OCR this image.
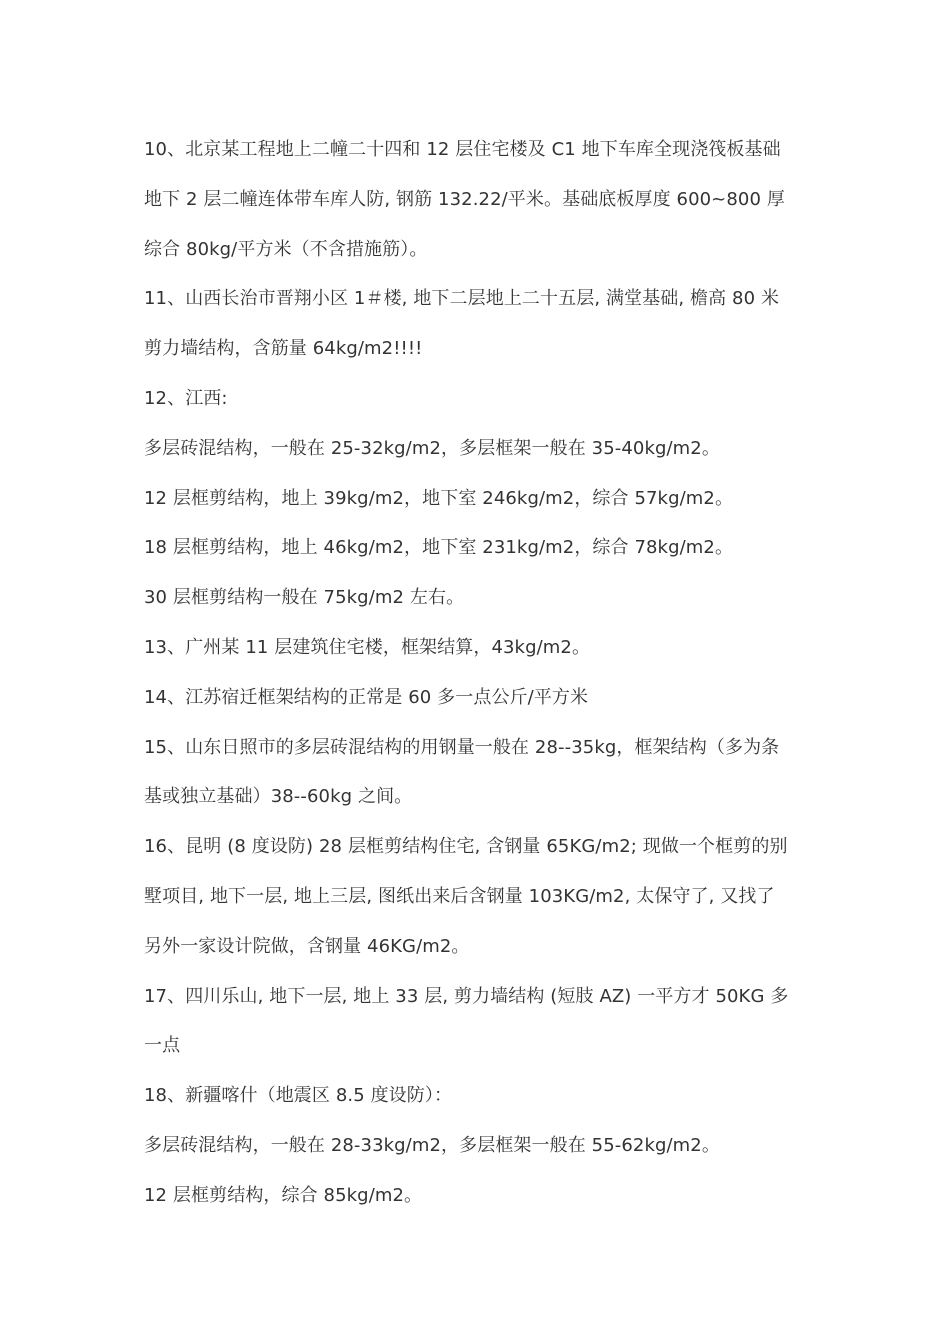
10、北京某工程地上二幢二十四和 12 层住宅楼及 C1 地下车库全现浇筏板基础
地下 2 层二幢连体带车库人防, 钢筋 132.22/平米。基础底板厚度 600~800 厚
综合 80kg/平方米（不含措施筋）。
11、山西长治市晋翔小区 1＃楼, 地下二层地上二十五层, 满堂基础, 檐高 80 米
剪力墙结构，含筋量 64kg/m2!!!!
12、江西:
多层砖混结构，一般在 25-32kg/m2，多层框架一般在 35-40kg/m2。
12 层框剪结构，地上 39kg/m2，地下室 246kg/m2，综合 57kg/m2。
18 层框剪结构，地上 46kg/m2，地下室 231kg/m2，综合 78kg/m2。
30 层框剪结构一般在 75kg/m2 左右。
13、广州某 11 层建筑住宅楼，框架结算，43kg/m2。
14、江苏宿迁框架结构的正常是 60 多一点公斤/平方米
15、山东日照市的多层砖混结构的用钢量一般在 28--35kg，框架结构（多为条
基或独立基础）38--60kg 之间。
16、昆明 (8 度设防) 28 层框剪结构住宅, 含钢量 65KG/m2; 现做一个框剪的别
墅项目, 地下一层, 地上三层, 图纸出来后含钢量 103KG/m2, 太保守了, 又找了
另外一家设计院做，含钢量 46KG/m2。
17、四川乐山, 地下一层, 地上 33 层, 剪力墙结构 (短肢 AZ) 一平方才 50KG 多
一点
18、新疆喀什（地震区 8.5 度设防）：
多层砖混结构，一般在 28-33kg/m2，多层框架一般在 55-62kg/m2。
12 层框剪结构，综合 85kg/m2。
